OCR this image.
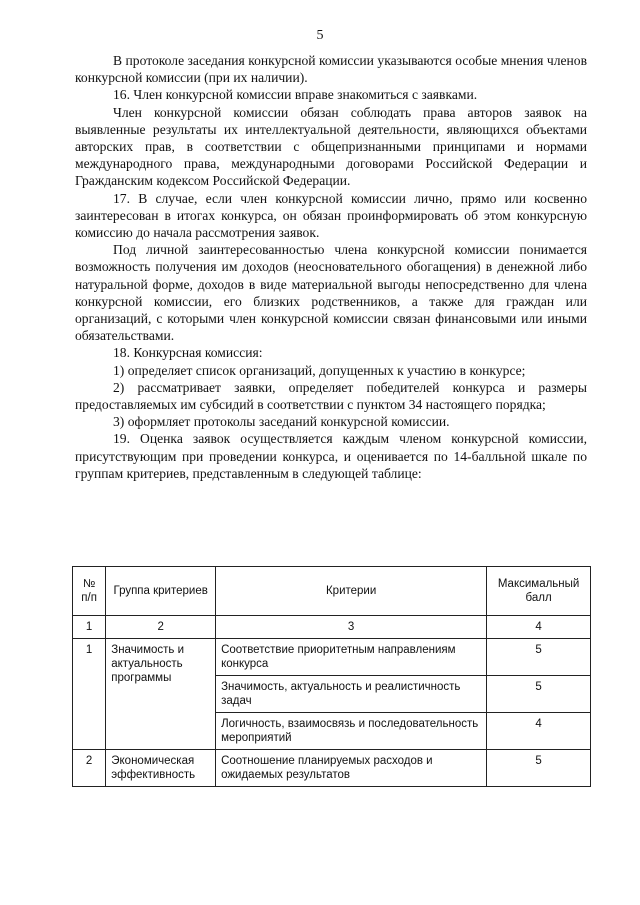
5

В протоколе заседания конкурсной комиссии указываются особые мнения членов конкурсной комиссии (при их наличии).

16. Член конкурсной комиссии вправе знакомиться с заявками.

Член конкурсной комиссии обязан соблюдать права авторов заявок на выявленные результаты их интеллектуальной деятельности, являющихся объектами авторских прав, в соответствии с общепризнанными принципами и нормами международного права, международными договорами Российской Федерации и Гражданским кодексом Российской Федерации.

17. В случае, если член конкурсной комиссии лично, прямо или косвенно заинтересован в итогах конкурса, он обязан проинформировать об этом конкурсную комиссию до начала рассмотрения заявок.

Под личной заинтересованностью члена конкурсной комиссии понимается возможность получения им доходов (неосновательного обогащения) в денежной либо натуральной форме, доходов в виде материальной выгоды непосредственно для члена конкурсной комиссии, его близких родственников, а также для граждан или организаций, с которыми член конкурсной комиссии связан финансовыми или иными обязательствами.

18. Конкурсная комиссия:

1) определяет список организаций, допущенных к участию в конкурсе;

2) рассматривает заявки, определяет победителей конкурса и размеры предоставляемых им субсидий в соответствии с пунктом 34 настоящего порядка;

3) оформляет протоколы заседаний конкурсной комиссии.

19. Оценка заявок осуществляется каждым членом конкурсной комиссии, присутствующим при проведении конкурса, и оценивается по 14-балльной шкале по группам критериев, представленным в следующей таблице:

№ п/п	Группа критериев	Критерии	Максимальный балл
1	2	3	4
1	Значимость и актуальность программы	Соответствие приоритетным направлениям конкурса	5
		Значимость, актуальность и реалистичность задач	5
		Логичность, взаимосвязь и последовательность мероприятий	4
2	Экономическая эффективность	Соотношение планируемых расходов и ожидаемых результатов	5
